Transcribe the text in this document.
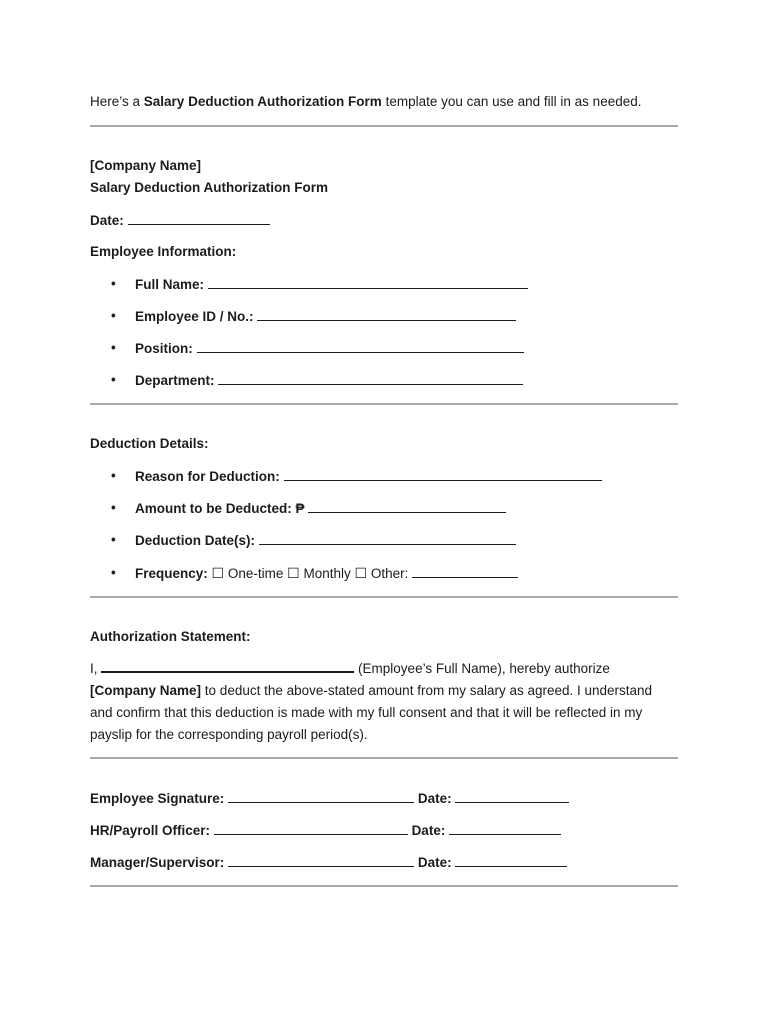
Here’s a Salary Deduction Authorization Form template you can use and fill in as needed.
[Company Name]
Salary Deduction Authorization Form
Date:
Employee Information:
• Full Name:
• Employee ID / No.:
• Position:
• Department:
Deduction Details:
• Reason for Deduction:
• Amount to be Deducted: ₱
• Deduction Date(s):
• Frequency: ☐ One-time ☐ Monthly ☐ Other:
Authorization Statement:
I,	(Employee’s Full Name), hereby authorize
[Company Name] to deduct the above-stated amount from my salary as agreed. I understand
and confirm that this deduction is made with my full consent and that it will be reflected in my
payslip for the corresponding payroll period(s).
Employee Signature:	Date:
HR/Payroll Officer:	Date:
Manager/Supervisor:	Date:
